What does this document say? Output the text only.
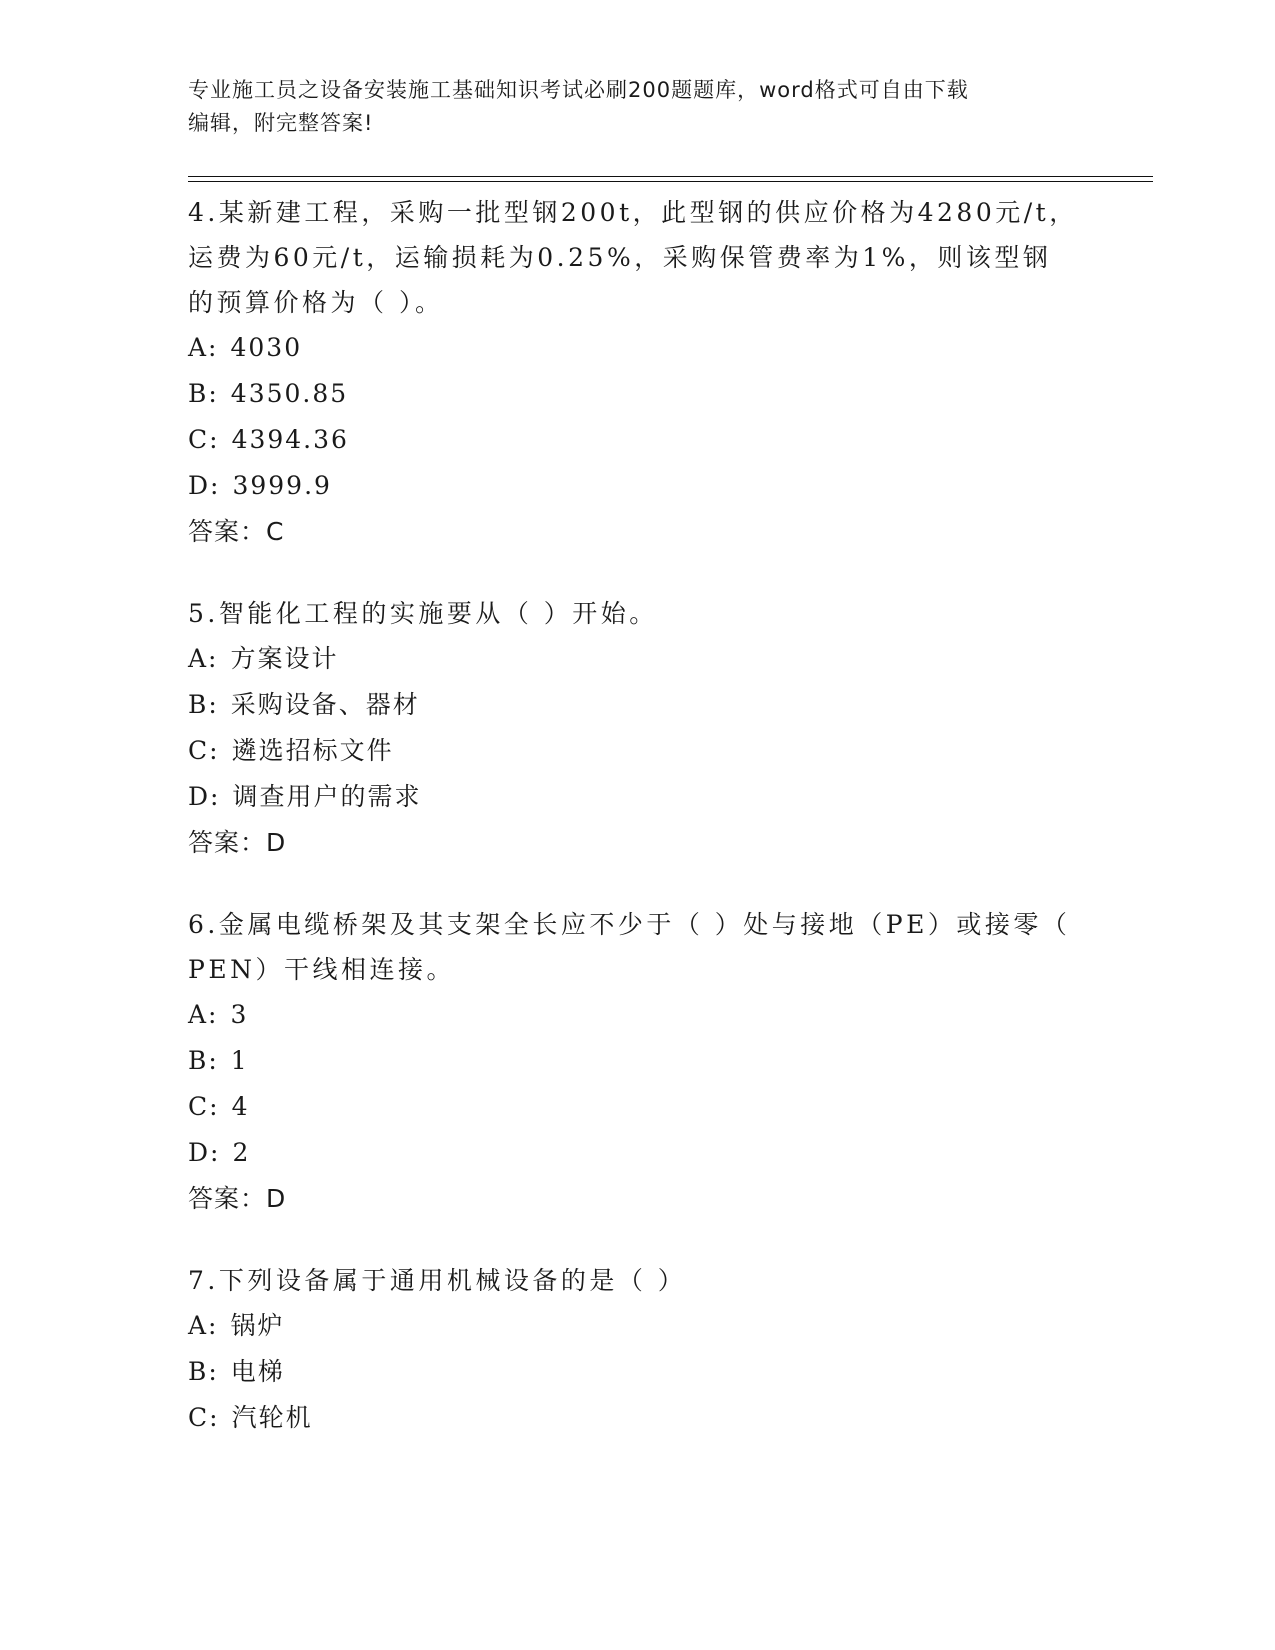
专业施工员之设备安装施工基础知识考试必刷200题题库，word格式可自由下载
编辑，附完整答案!
4.某新建工程，采购一批型钢200t，此型钢的供应价格为4280元/t，
运费为60元/t，运输损耗为0.25%，采购保管费率为1%，则该型钢
的预算价格为（ ）。
A: 4030
B: 4350.85
C: 4394.36
D: 3999.9
答案：C
5.智能化工程的实施要从（ ）开始。
A: 方案设计
B: 采购设备、器材
C: 遴选招标文件
D: 调查用户的需求
答案：D
6.金属电缆桥架及其支架全长应不少于（ ）处与接地（PE）或接零（
PEN）干线相连接。
A: 3
B: 1
C: 4
D: 2
答案：D
7.下列设备属于通用机械设备的是（ ）
A: 锅炉
B: 电梯
C: 汽轮机
